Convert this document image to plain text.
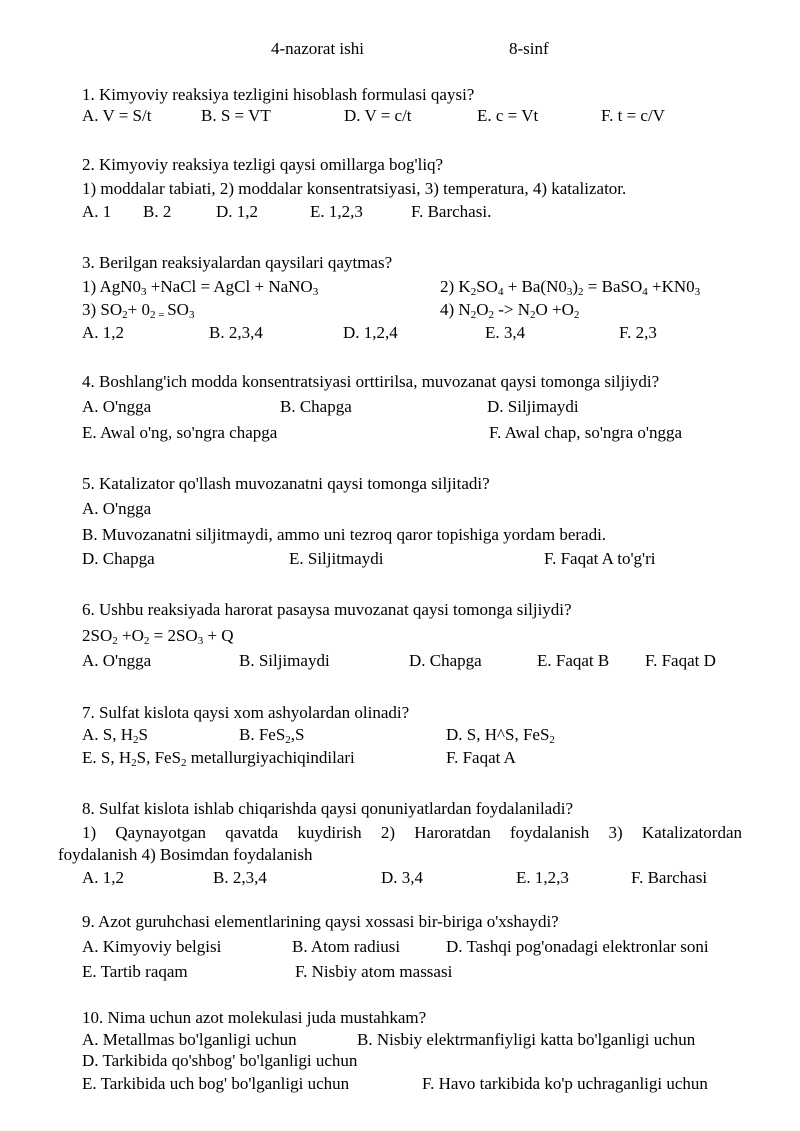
4-nazorat ishi	8-sinf
1. Kimyoviy reaksiya tezligini hisoblash formulasi qaysi?
A. V = S/t	B. S = VT	D. V = c/t	E. c = Vt	F. t = c/V
2. Kimyoviy reaksiya tezligi qaysi omillarga bog'liq?
1) moddalar tabiati, 2) moddalar konsentratsiyasi, 3) temperatura, 4) katalizator.
A. 1 B. 2	D. 1,2	E. 1,2,3	F. Barchasi.
3. Berilgan reaksiyalardan qaysilari qaytmas?
1) $AgN0_3$ +NaCl = AgCl + NaNO$_3$	2) $K_2SO_4 + Ba(N0_3)_2$ = BaSO$_4$ $+KN0_3$
3) $SO_2+ 0_{2 =}$ $SO_3$	4) $N_2O_2 -> N_2O +O_2$
A. 1,2	B. 2,3,4	D. 1,2,4	E. 3,4	F. 2,3
4. Boshlang'ich modda konsentratsiyasi orttirilsa, muvozanat qaysi tomonga siljiydi?
A. O'ngga	B. Chapga	D. Siljimaydi
E. Awal o'ng, so'ngra chapga	F. Awal chap, so'ngra o'ngga
5. Katalizator qo'llash muvozanatni qaysi tomonga siljitadi?
A. O'ngga
B. Muvozanatni siljitmaydi, ammo uni tezroq qaror topishiga yordam beradi.
D. Chapga	E. Siljitmaydi	F. Faqat A to'g'ri
6. Ushbu reaksiyada harorat pasaysa muvozanat qaysi tomonga siljiydi?
$2SO_2 +O_2 = 2SO_3 + Q$
A. O'ngga	B. Siljimaydi	D. Chapga	E. Faqat B F. Faqat D
7. Sulfat kislota qaysi xom ashyolardan olinadi?
A. S, $H_2S$	B. FeS$_2$,S	D. S, H^S, FeS$_2$
E. S, $H_2S$, FeS$_2$ metallurgiyachiqindilari	F. Faqat A
8. Sulfat kislota ishlab chiqarishda qaysi qonuniyatlardan foydalaniladi?
1) Qaynayotgan qavatda kuydirish 2) Haroratdan foydalanish 3) Katalizatordan
foydalanish 4) Bosimdan foydalanish
A. 1,2	B. 2,3,4	D. 3,4	E. 1,2,3	F. Barchasi
9. Azot guruhchasi elementlarining qaysi xossasi bir-biriga o'xshaydi?
A. Kimyoviy belgisi	B. Atom radiusi	D. Tashqi pog'onadagi elektronlar soni
E. Tartib raqam	F. Nisbiy atom massasi
10. Nima uchun azot molekulasi juda mustahkam?
A. Metallmas bo'lganligi uchun	B. Nisbiy elektrmanfiyligi katta bo'lganligi uchun
D. Tarkibida qo'shbog' bo'lganligi uchun
E. Tarkibida uch bog' bo'lganligi uchun	F. Havo tarkibida ko'p uchraganligi uchun
